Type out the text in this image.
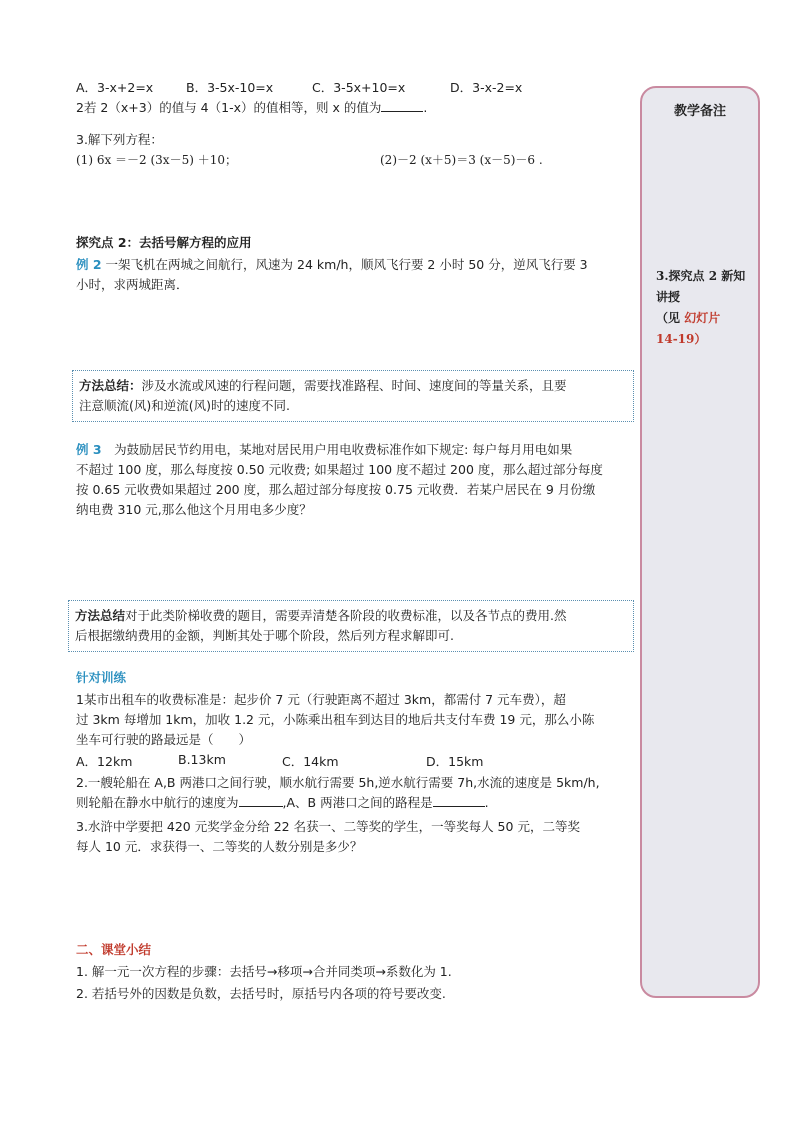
A．3-x+2=x	B．3-5x-10=x	C．3-5x+10=x	D．3-x-2=x
2若 2（x+3）的值与 4（1-x）的值相等，则 x 的值为	.
3.解下列方程：
(1) 6x ＝－2 (3x－5) ＋10；	(2)－2 (x＋5)＝3 (x－5)－6 .
探究点 2：去括号解方程的应用
例 2 一架飞机在两城之间航行，风速为 24 km/h，顺风飞行要 2 小时 50 分，逆风飞行要 3
小时，求两城距离．
方法总结：涉及水流或风速的行程问题，需要找准路程、时间、速度间的等量关系，且要
注意顺流(风)和逆流(风)时的速度不同.
例 3　 为鼓励居民节约用电，某地对居民用户用电收费标准作如下规定: 每户每月用电如果
不超过 100 度，那么每度按 0.50 元收费; 如果超过 100 度不超过 200 度，那么超过部分每度
按 0.65 元收费如果超过 200 度，那么超过部分每度按 0.75 元收费．若某户居民在 9 月份缴
纳电费 310 元,那么他这个月用电多少度？
方法总结对于此类阶梯收费的题目，需要弄清楚各阶段的收费标准，以及各节点的费用.然
后根据缴纳费用的金额，判断其处于哪个阶段，然后列方程求解即可.
针对训练
1某市出租车的收费标准是：起步价 7 元（行驶距离不超过 3km，都需付 7 元车费），超
过 3km 每增加 1km，加收 1.2 元，小陈乘出租车到达目的地后共支付车费 19 元，那么小陈
坐车可行驶的路最远是（　　）
A．12km	B.13km	C．14km	D．15km
2.一艘轮船在 A,B 两港口之间行驶，顺水航行需要 5h,逆水航行需要 7h,水流的速度是 5km/h,
则轮船在静水中航行的速度为	,A、B 两港口之间的路程是	.
3.水浒中学要把 420 元奖学金分给 22 名获一、二等奖的学生，一等奖每人 50 元，二等奖
每人 10 元．求获得一、二等奖的人数分别是多少？
二、课堂小结
1. 解一元一次方程的步骤：去括号→移项→合并同类项→系数化为 1.
2. 若括号外的因数是负数，去括号时，原括号内各项的符号要改变.
教学备注
3.探究点 2 新知讲授
（见 幻灯片
14-19）
